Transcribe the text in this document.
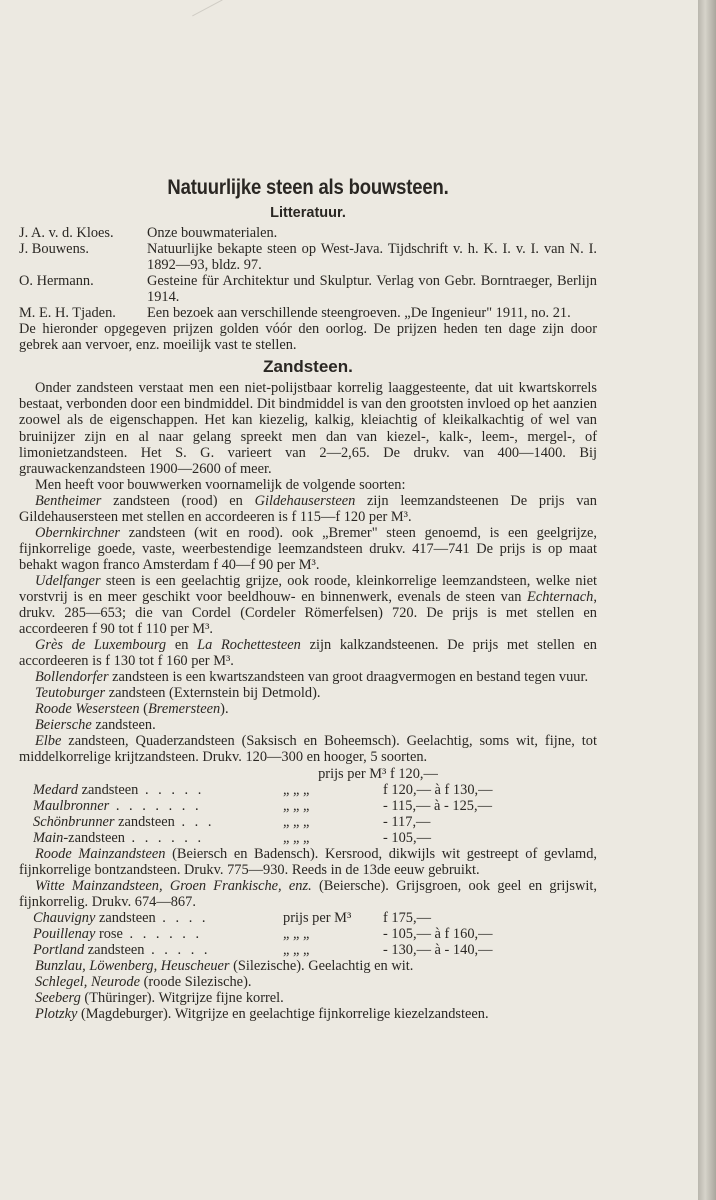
Natuurlijke steen als bouwsteen.
Litteratuur.
J. A. v. d. Kloes.	Onze bouwmaterialen.
J. Bouwens.	Natuurlijke bekapte steen op West-Java. Tijdschrift v. h. K. I. v. I. van N. I. 1892—93, bldz. 97.
O. Hermann.	Gesteine für Architektur und Skulptur. Verlag von Gebr. Borntraeger, Berlijn 1914.
M. E. H. Tjaden.	Een bezoek aan verschillende steengroeven. „De Ingenieur" 1911, no. 21.

De hieronder opgegeven prijzen golden vóór den oorlog. De prijzen heden ten dage zijn door gebrek aan vervoer, enz. moeilijk vast te stellen.

Zandsteen.

Onder zandsteen verstaat men een niet-polijstbaar korrelig laaggesteente, dat uit kwartskorrels bestaat, verbonden door een bindmiddel. Dit bindmiddel is van den grootsten invloed op het aanzien zoowel als de eigenschappen. Het kan kiezelig, kalkig, kleiachtig of kleikalkachtig of wel van bruinijzer zijn en al naar gelang spreekt men dan van kiezel-, kalk-, leem-, mergel-, of limonietzandsteen. Het S. G. varieert van 2—2,65. De drukv. van 400—1400. Bij grauwackenzandsteen 1900—2600 of meer.

Men heeft voor bouwwerken voornamelijk de volgende soorten:

Bentheimer zandsteen (rood) en Gildehausersteen zijn leemzandsteenen De prijs van Gildehausersteen met stellen en accordeeren is f 115—f 120 per M³.

Obernkirchner zandsteen (wit en rood). ook „Bremer" steen genoemd, is een geelgrijze, fijnkorrelige goede, vaste, weerbestendige leemzandsteen drukv. 417—741 De prijs is op maat behakt wagon franco Amsterdam f 40—f 90 per M³.

Udelfanger steen is een geelachtig grijze, ook roode, kleinkorrelige leemzandsteen, welke niet vorstvrij is en meer geschikt voor beeldhouw- en binnenwerk, evenals de steen van Echternach, drukv. 285—653; die van Cordel (Cordeler Römerfelsen) 720. De prijs is met stellen en accordeeren f 90 tot f 110 per M³.

Grès de Luxembourg en La Rochettesteen zijn kalkzandsteenen. De prijs met stellen en accordeeren is f 130 tot f 160 per M³.

Bollendorfer zandsteen is een kwartszandsteen van groot draagvermogen en bestand tegen vuur.

Teutoburger zandsteen (Externstein bij Detmold).

Roode Wesersteen (Bremersteen).

Beiersche zandsteen.

Elbe zandsteen, Quaderzandsteen (Saksisch en Boheemsch). Geelachtig, soms wit, fijne, tot middelkorrelige krijtzandsteen. Drukv. 120—300 en hooger, 5 soorten.

prijs per M³ f 120,—
Medard zandsteen . . . . .	„ „ „	f 120,— à f 130,—
Maulbronner . . . . . . .	„ „ „	- 115,— à - 125,—
Schönbrunner zandsteen . . .	„ „ „	- 117,—
Main-zandsteen . . . . . .	„ „ „	- 105,—

Roode Mainzandsteen (Beiersch en Badensch). Kersrood, dikwijls wit gestreept of gevlamd, fijnkorrelige bontzandsteen. Drukv. 775—930. Reeds in de 13de eeuw gebruikt.

Witte Mainzandsteen, Groen Frankische, enz. (Beiersche). Grijsgroen, ook geel en grijswit, fijnkorrelig. Drukv. 674—867.

Chauvigny zandsteen . . . .	prijs per M³	f 175,—
Pouillenay rose . . . . . .	„ „ „	- 105,— à f 160,—
Portland zandsteen . . . . .	„ „ „	- 130,— à - 140,—

Bunzlau, Löwenberg, Heuscheuer (Silezische). Geelachtig en wit.

Schlegel, Neurode (roode Silezische).

Seeberg (Thüringer). Witgrijze fijne korrel.

Plotzky (Magdeburger). Witgrijze en geelachtige fijnkorrelige kiezelzandsteen.
